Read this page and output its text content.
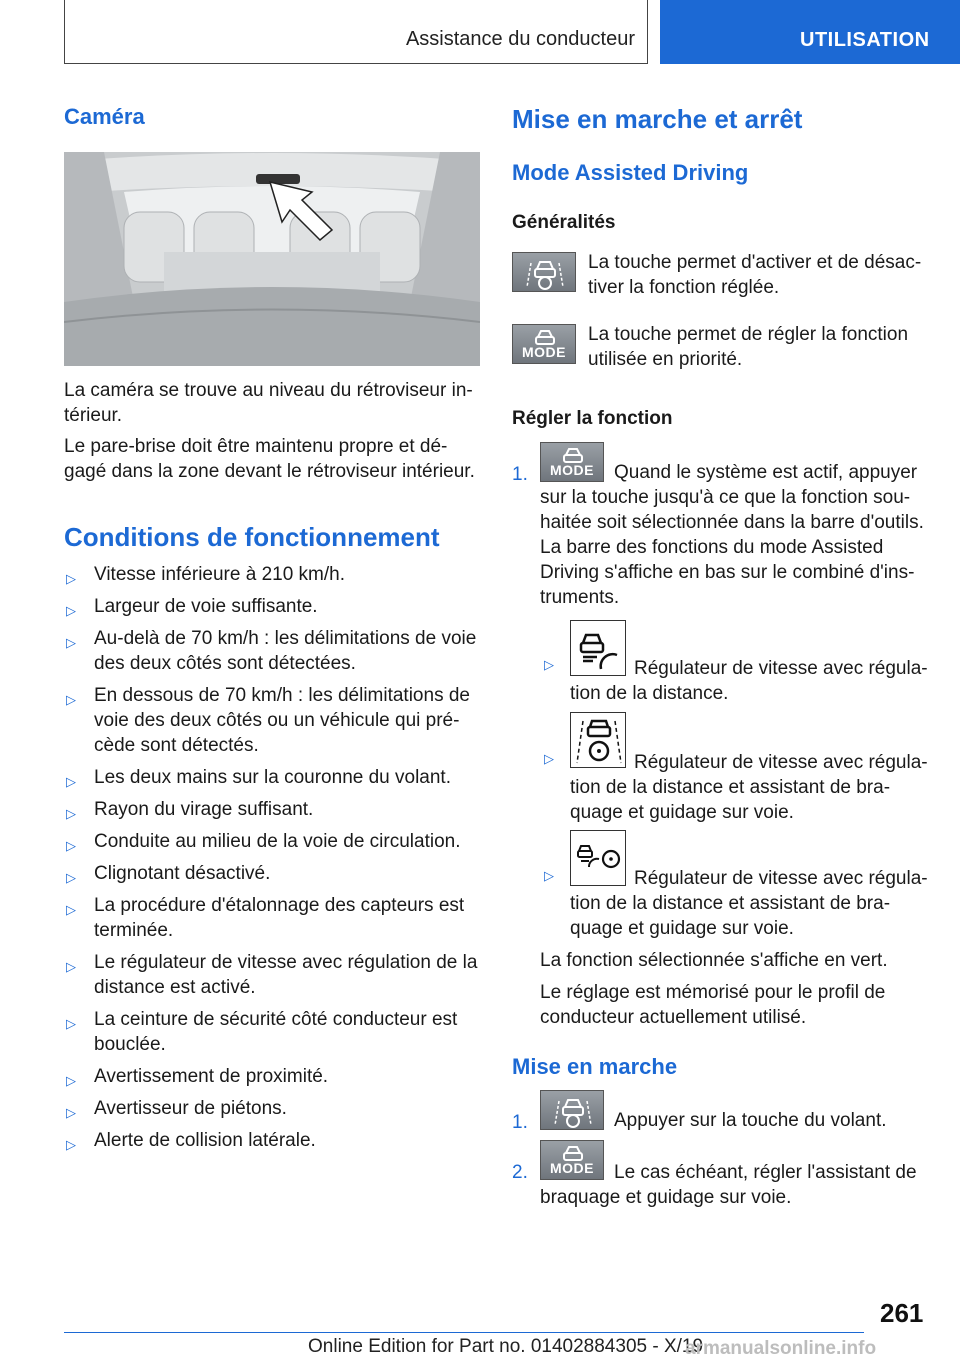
Assistance du conducteur	UTILISATION
Caméra
La caméra se trouve au niveau du rétroviseur in-
térieur.
Le pare-brise doit être maintenu propre et dé-
gagé dans la zone devant le rétroviseur intérieur.
Conditions de fonctionnement
▷ Vitesse inférieure à 210 km/h.
▷ Largeur de voie suffisante.
▷ Au-delà de 70 km/h : les délimitations de voie des deux côtés sont détectées.
▷ En dessous de 70 km/h : les délimitations de voie des deux côtés ou un véhicule qui pré-cède sont détectés.
▷ Les deux mains sur la couronne du volant.
▷ Rayon du virage suffisant.
▷ Conduite au milieu de la voie de circulation.
▷ Clignotant désactivé.
▷ La procédure d'étalonnage des capteurs est terminée.
▷ Le régulateur de vitesse avec régulation de la distance est activé.
▷ La ceinture de sécurité côté conducteur est bouclée.
▷ Avertissement de proximité.
▷ Avertisseur de piétons.
▷ Alerte de collision latérale.
Mise en marche et arrêt
Mode Assisted Driving
Généralités
La touche permet d'activer et de désac-tiver la fonction réglée.
MODE
La touche permet de régler la fonction utilisée en priorité.
Régler la fonction
1.	MODE	Quand le système est actif, appuyer sur la touche jusqu'à ce que la fonction sou-haitée soit sélectionnée dans la barre d'outils. La barre des fonctions du mode Assisted Driving s'affiche en bas sur le combiné d'ins-truments.
▷	Régulateur de vitesse avec régula-tion de la distance.
▷	Régulateur de vitesse avec régula-tion de la distance et assistant de bra-quage et guidage sur voie.
▷	Régulateur de vitesse avec régula-tion de la distance et assistant de bra-quage et guidage sur voie.
La fonction sélectionnée s'affiche en vert.
Le réglage est mémorisé pour le profil de conducteur actuellement utilisé.
Mise en marche
1.	Appuyer sur la touche du volant.
2.	MODE	Le cas échéant, régler l'assistant de braquage et guidage sur voie.
261
Online Edition for Part no. 01402884305 - X/19
armanualsonline.info
